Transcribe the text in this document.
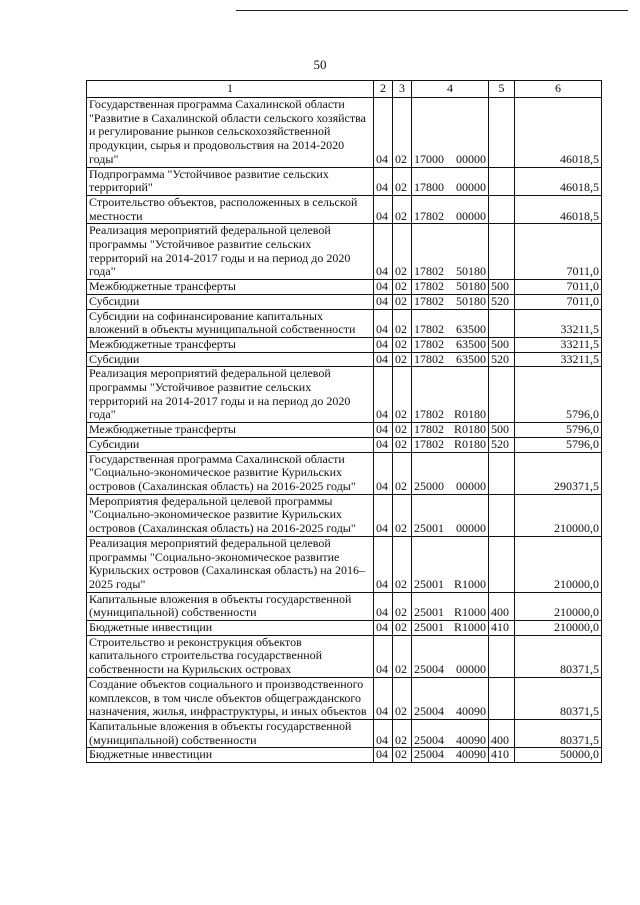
50
1	2	3	4	5	6
Государственная программа Сахалинской области "Развитие в Сахалинской области сельского хозяйства и регулирование рынков сельскохозяйственной продукции, сырья и продовольствия на 2014-2020 годы"	04	02	17000 00000		46018,5
Подпрограмма "Устойчивое развитие сельских территорий"	04	02	17800 00000		46018,5
Строительство объектов, расположенных в сельской местности	04	02	17802 00000		46018,5
Реализация мероприятий федеральной целевой программы "Устойчивое развитие сельских территорий на 2014-2017 годы и на период до 2020 года"	04	02	17802 50180		7011,0
Межбюджетные трансферты	04	02	17802 50180	500	7011,0
Субсидии	04	02	17802 50180	520	7011,0
Субсидии на софинансирование капитальных вложений в объекты муниципальной собственности	04	02	17802 63500		33211,5
Межбюджетные трансферты	04	02	17802 63500	500	33211,5
Субсидии	04	02	17802 63500	520	33211,5
Реализация мероприятий федеральной целевой программы "Устойчивое развитие сельских территорий на 2014-2017 годы и на период до 2020 года"	04	02	17802 R0180		5796,0
Межбюджетные трансферты	04	02	17802 R0180	500	5796,0
Субсидии	04	02	17802 R0180	520	5796,0
Государственная программа Сахалинской области "Социально-экономическое развитие Курильских островов (Сахалинская область) на 2016-2025 годы"	04	02	25000 00000		290371,5
Мероприятия федеральной целевой программы "Социально-экономическое развитие Курильских островов (Сахалинская область) на 2016-2025 годы"	04	02	25001 00000		210000,0
Реализация мероприятий федеральной целевой программы "Социально-экономическое развитие Курильских островов (Сахалинская область) на 2016–2025 годы"	04	02	25001 R1000		210000,0
Капитальные вложения в объекты государственной (муниципальной) собственности	04	02	25001 R1000	400	210000,0
Бюджетные инвестиции	04	02	25001 R1000	410	210000,0
Строительство и реконструкция объектов капитального строительства государственной собственности на Курильских островах	04	02	25004 00000		80371,5
Создание объектов социального и производственного комплексов, в том числе объектов общегражданского назначения, жилья, инфраструктуры, и иных объектов	04	02	25004 40090		80371,5
Капитальные вложения в объекты государственной (муниципальной) собственности	04	02	25004 40090	400	80371,5
Бюджетные инвестиции	04	02	25004 40090	410	50000,0
